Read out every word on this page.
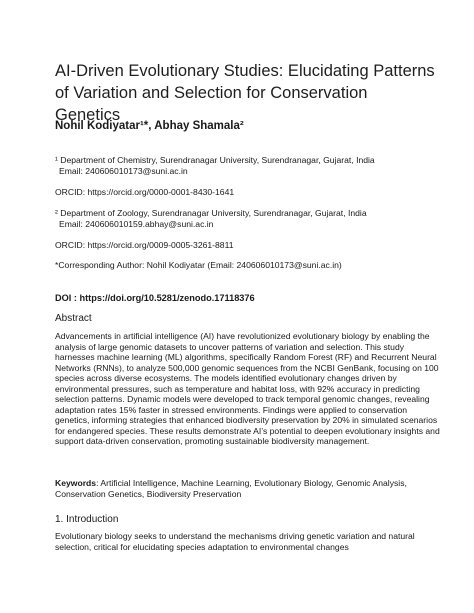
AI-Driven Evolutionary Studies: Elucidating Patterns of Variation and Selection for Conservation Genetics

Nohil Kodiyatar¹*, Abhay Shamala²

¹ Department of Chemistry, Surendranagar University, Surendranagar, Gujarat, India
Email: 240606010173@suni.ac.in

ORCID: https://orcid.org/0000-0001-8430-1641

² Department of Zoology, Surendranagar University, Surendranagar, Gujarat, India
Email: 240606010159.abhay@suni.ac.in

ORCID: https://orcid.org/0009-0005-3261-8811

*Corresponding Author: Nohil Kodiyatar (Email: 240606010173@suni.ac.in)

DOI : https://doi.org/10.5281/zenodo.17118376

Abstract

Advancements in artificial intelligence (AI) have revolutionized evolutionary biology by enabling the analysis of large genomic datasets to uncover patterns of variation and selection. This study harnesses machine learning (ML) algorithms, specifically Random Forest (RF) and Recurrent Neural Networks (RNNs), to analyze 500,000 genomic sequences from the NCBI GenBank, focusing on 100 species across diverse ecosystems. The models identified evolutionary changes driven by environmental pressures, such as temperature and habitat loss, with 92% accuracy in predicting selection patterns. Dynamic models were developed to track temporal genomic changes, revealing adaptation rates 15% faster in stressed environments. Findings were applied to conservation genetics, informing strategies that enhanced biodiversity preservation by 20% in simulated scenarios for endangered species. These results demonstrate AI’s potential to deepen evolutionary insights and support data-driven conservation, promoting sustainable biodiversity management.

Keywords: Artificial Intelligence, Machine Learning, Evolutionary Biology, Genomic Analysis, Conservation Genetics, Biodiversity Preservation

1. Introduction

Evolutionary biology seeks to understand the mechanisms driving genetic variation and natural selection, critical for elucidating species adaptation to environmental changes
